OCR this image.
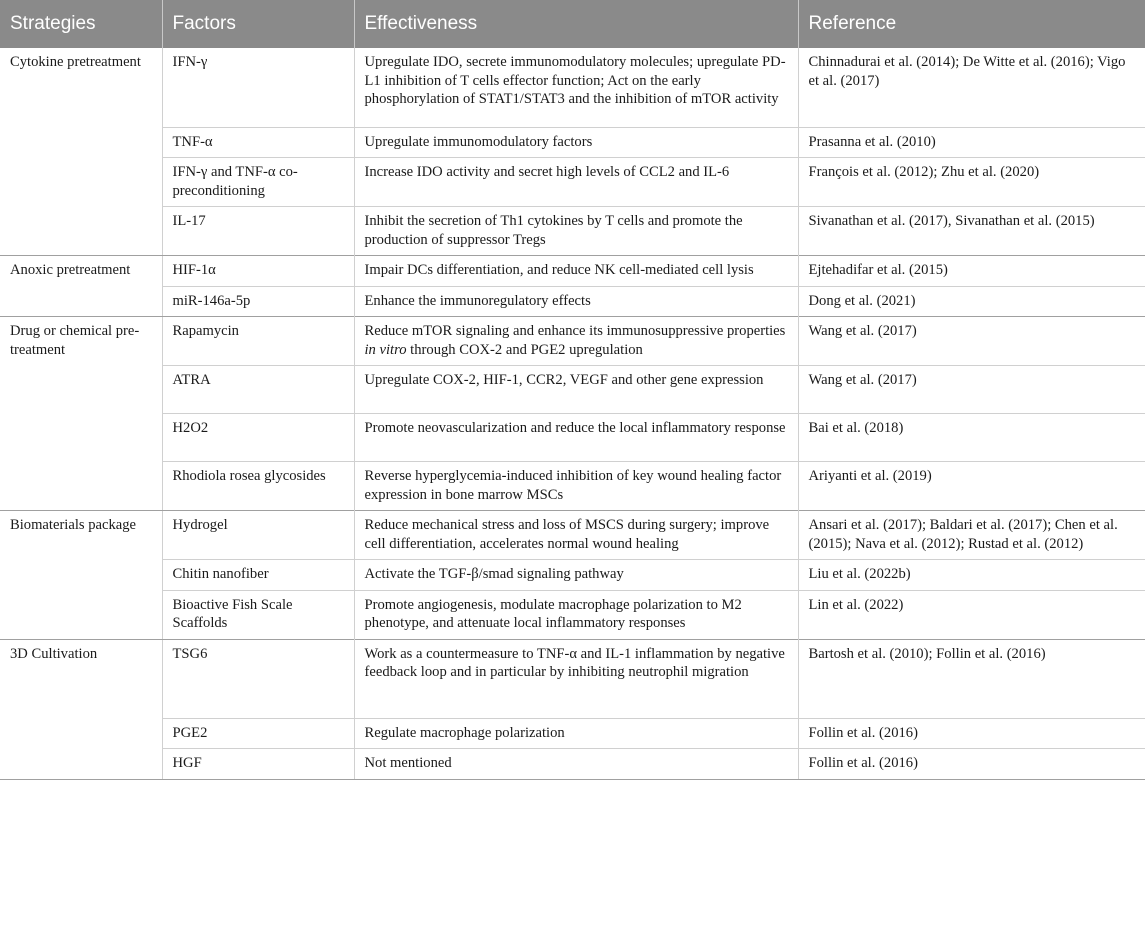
Strategies	Factors	Effectiveness	Reference
Cytokine pretreatment	IFN-γ	Upregulate IDO, secrete immunomodulatory molecules; upregulate PD-L1 inhibition of T cells effector function; Act on the early phosphorylation of STAT1/STAT3 and the inhibition of mTOR activity	Chinnadurai et al. (2014); De Witte et al. (2016); Vigo et al. (2017)
	TNF-α	Upregulate immunomodulatory factors	Prasanna et al. (2010)
	IFN-γ and TNF-α co-preconditioning	Increase IDO activity and secret high levels of CCL2 and IL-6	François et al. (2012); Zhu et al. (2020)
	IL-17	Inhibit the secretion of Th1 cytokines by T cells and promote the production of suppressor Tregs	Sivanathan et al. (2017), Sivanathan et al. (2015)
Anoxic pretreatment	HIF-1α	Impair DCs differentiation, and reduce NK cell-mediated cell lysis	Ejtehadifar et al. (2015)
	miR-146a-5p	Enhance the immunoregulatory effects	Dong et al. (2021)
Drug or chemical pre-treatment	Rapamycin	Reduce mTOR signaling and enhance its immunosuppressive properties in vitro through COX-2 and PGE2 upregulation	Wang et al. (2017)
	ATRA	Upregulate COX-2, HIF-1, CCR2, VEGF and other gene expression	Wang et al. (2017)
	H2O2	Promote neovascularization and reduce the local inflammatory response	Bai et al. (2018)
	Rhodiola rosea glycosides	Reverse hyperglycemia-induced inhibition of key wound healing factor expression in bone marrow MSCs	Ariyanti et al. (2019)
Biomaterials package	Hydrogel	Reduce mechanical stress and loss of MSCS during surgery; improve cell differentiation, accelerates normal wound healing	Ansari et al. (2017); Baldari et al. (2017); Chen et al. (2015); Nava et al. (2012); Rustad et al. (2012)
	Chitin nanofiber	Activate the TGF-β/smad signaling pathway	Liu et al. (2022b)
	Bioactive Fish Scale Scaffolds	Promote angiogenesis, modulate macrophage polarization to M2 phenotype, and attenuate local inflammatory responses	Lin et al. (2022)
3D Cultivation	TSG6	Work as a countermeasure to TNF-α and IL-1 inflammation by negative feedback loop and in particular by inhibiting neutrophil migration	Bartosh et al. (2010); Follin et al. (2016)
	PGE2	Regulate macrophage polarization	Follin et al. (2016)
	HGF	Not mentioned	Follin et al. (2016)
